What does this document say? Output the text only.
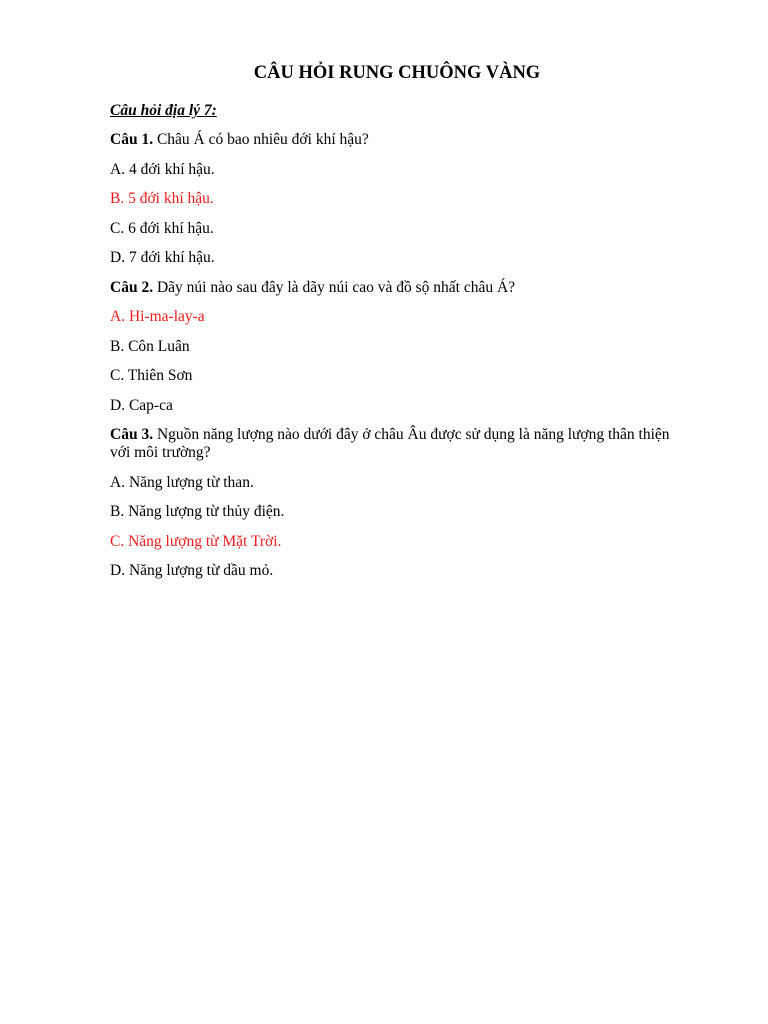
CÂU HỎI RUNG CHUÔNG VÀNG
Câu hỏi địa lý 7:
Câu 1. Châu Á có bao nhiêu đới khí hậu?
A. 4 đới khí hậu.
B. 5 đới khí hậu.
C. 6 đới khí hậu.
D. 7 đới khí hậu.
Câu 2. Dãy núi nào sau đây là dãy núi cao và đồ sộ nhất châu Á?
A. Hi-ma-lay-a
B. Côn Luân
C. Thiên Sơn
D. Cap-ca
Câu 3. Nguồn năng lượng nào dưới đây ở châu Âu được sử dụng là năng lượng thân thiện với môi trường?
A. Năng lượng từ than.
B. Năng lượng từ thủy điện.
C. Năng lượng từ Mặt Trời.
D. Năng lượng từ dầu mỏ.
